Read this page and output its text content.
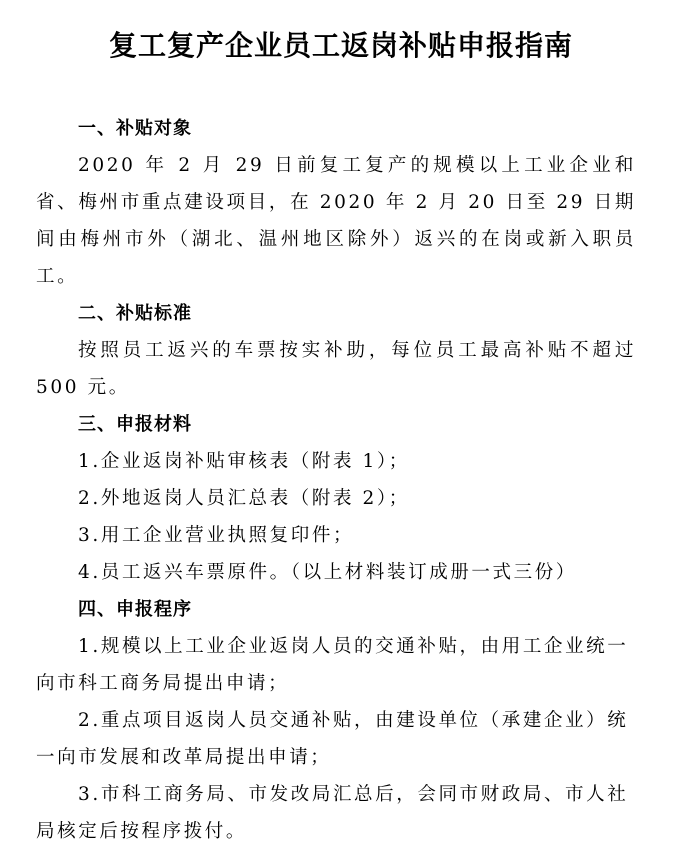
复工复产企业员工返岗补贴申报指南
一、补贴对象
2020 年 2 月 29 日前复工复产的规模以上工业企业和省、梅州市重点建设项目，在 2020 年 2 月 20 日至 29 日期间由梅州市外（湖北、温州地区除外）返兴的在岗或新入职员工。
二、补贴标准
按照员工返兴的车票按实补助，每位员工最高补贴不超过 500 元。
三、申报材料
1.企业返岗补贴审核表（附表 1）；
2.外地返岗人员汇总表（附表 2）；
3.用工企业营业执照复印件；
4.员工返兴车票原件。（以上材料装订成册一式三份）
四、申报程序
1.规模以上工业企业返岗人员的交通补贴，由用工企业统一向市科工商务局提出申请；
2.重点项目返岗人员交通补贴，由建设单位（承建企业）统一向市发展和改革局提出申请；
3.市科工商务局、市发改局汇总后，会同市财政局、市人社局核定后按程序拨付。
